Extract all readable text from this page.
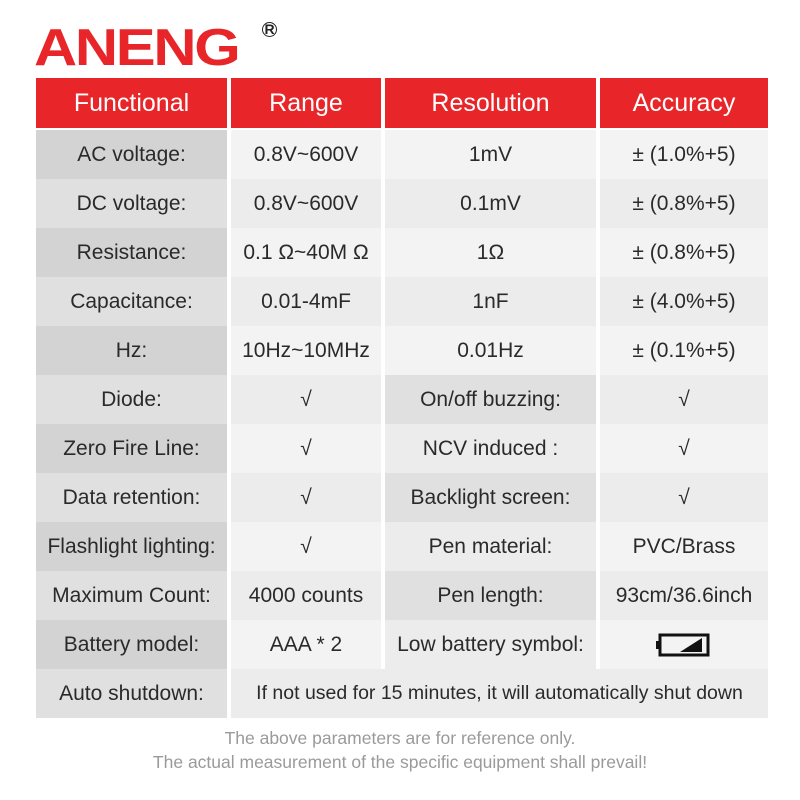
ANENG R
Functional	Range	Resolution	Accuracy
AC voltage:	0.8V~600V	1mV	± (1.0%+5)
DC voltage:	0.8V~600V	0.1mV	± (0.8%+5)
Resistance:	0.1 Ω~40M Ω	1Ω	± (0.8%+5)
Capacitance:	0.01-4mF	1nF	± (4.0%+5)
Hz:	10Hz~10MHz	0.01Hz	± (0.1%+5)
Diode:	√	On/off buzzing:	√
Zero Fire Line:	√	NCV induced :	√
Data retention:	√	Backlight screen:	√
Flashlight lighting:	√	Pen material:	PVC/Brass
Maximum Count:	4000 counts	Pen length:	93cm/36.6inch
Battery model:	AAA * 2	Low battery symbol:
Auto shutdown:	If not used for 15 minutes, it will automatically shut down
The above parameters are for reference only.
The actual measurement of the specific equipment shall prevail!
